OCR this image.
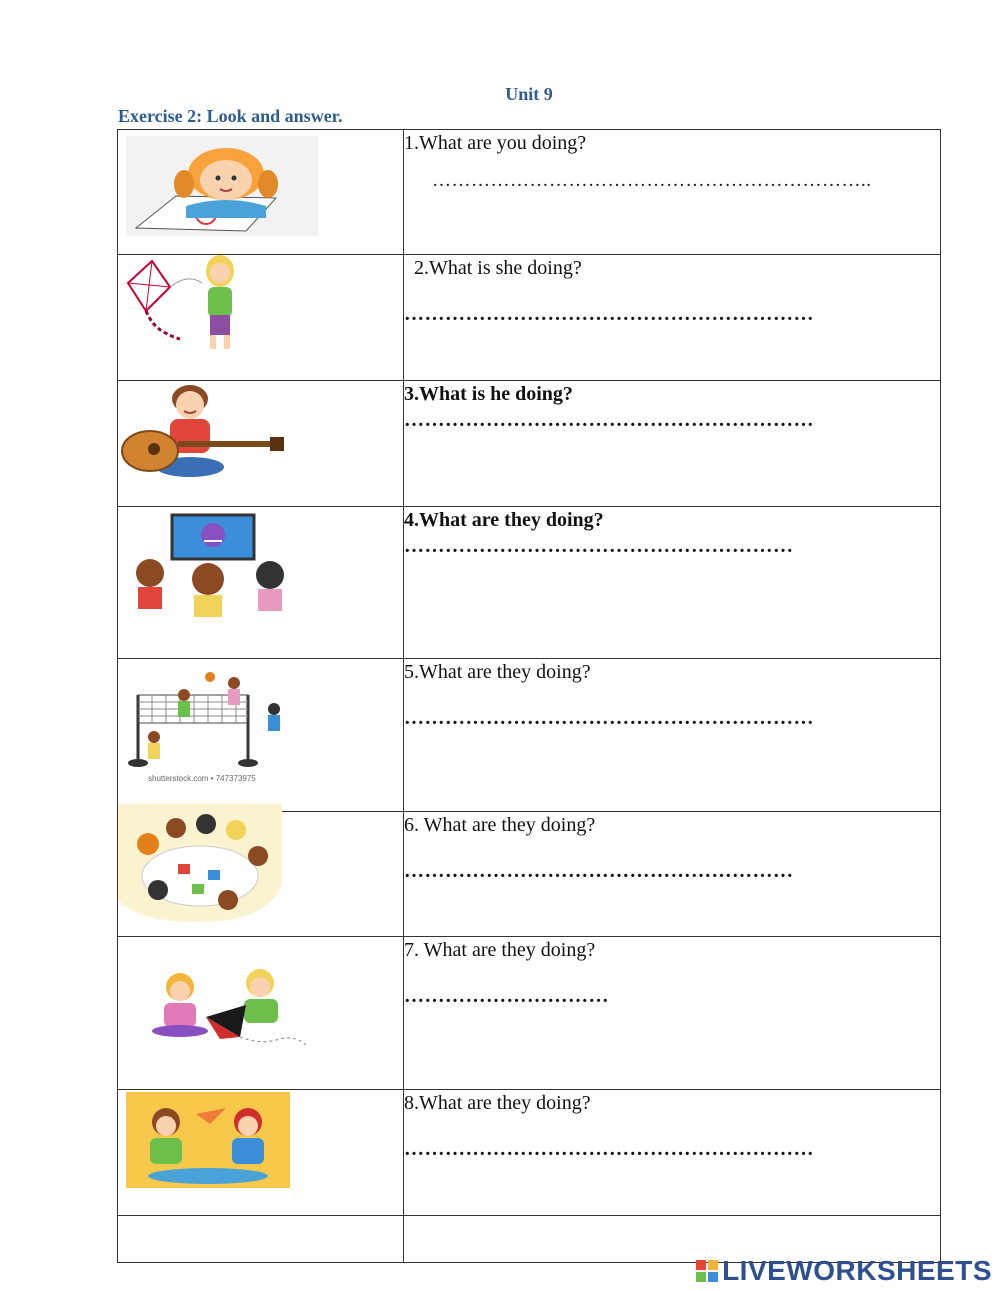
Unit 9
Exercise 2: Look and answer.

1.What are you doing?
…………………………………………………………..

2.What is she doing?
……………………………………………………

3.What is he doing?
……………………………………………………

4.What are they doing?
…………………………………………………

shutterstock.com • 747373975	5.What are they doing?
……………………………………………………

6. What are they doing?
…………………………………………………

7. What are they doing?
…………………………

8.What are they doing?
……………………………………………………

LIVEWORKSHEETS
